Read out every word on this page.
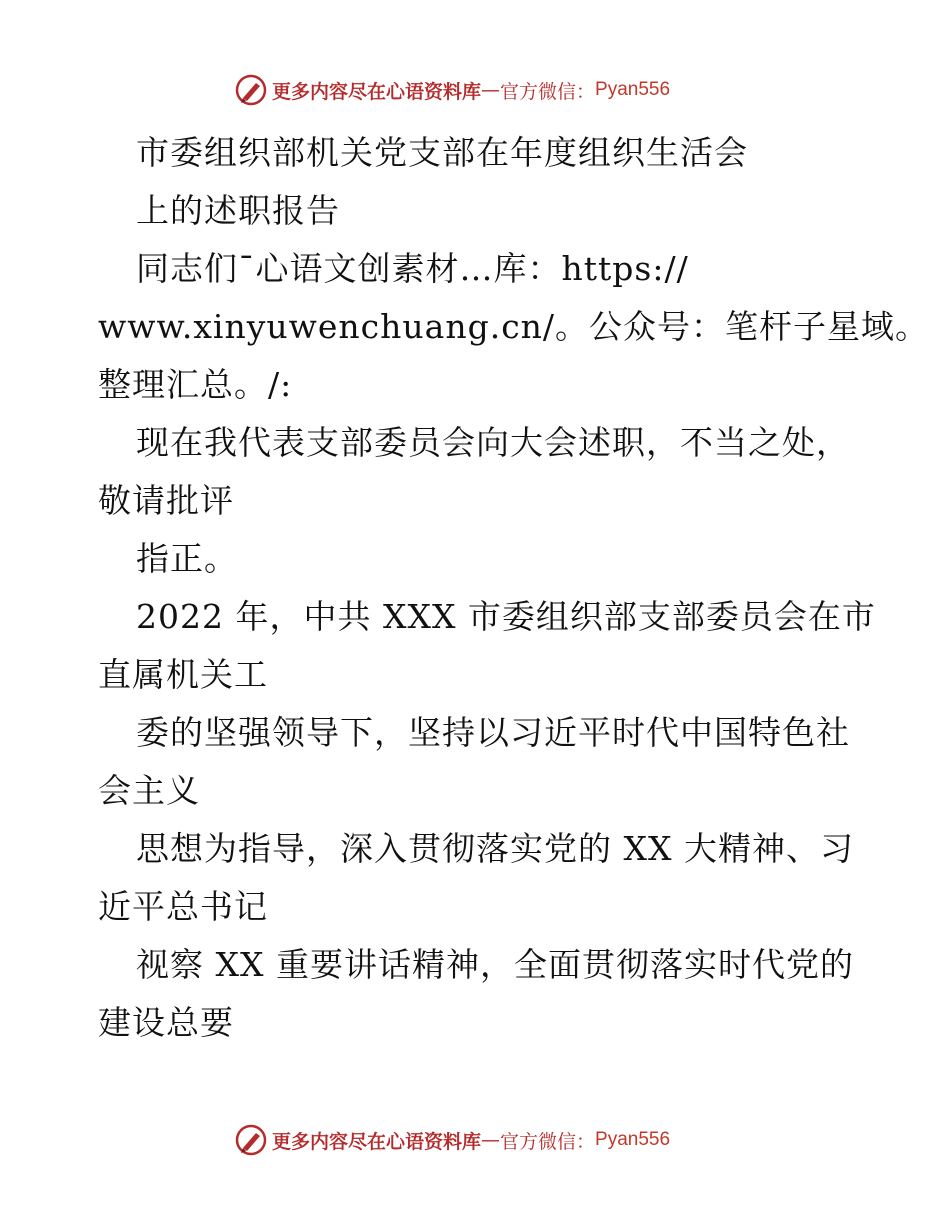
更多内容尽在心语资料库 — 官方微信： Pyan556
市委组织部机关党支部在年度组织生活会
上的述职报告
同志们¯心语文创素材…库：https://
www.xinyuwenchuang.cn/。公众号：笔杆子星域。
整理汇总。/:
现在我代表支部委员会向大会述职，不当之处，
敬请批评
指正。
2022 年，中共 XXX 市委组织部支部委员会在市
直属机关工
委的坚强领导下，坚持以习近平时代中国特色社
会主义
思想为指导，深入贯彻落实党的 XX 大精神、习
近平总书记
视察 XX 重要讲话精神，全面贯彻落实时代党的
建设总要
更多内容尽在心语资料库 — 官方微信： Pyan556
